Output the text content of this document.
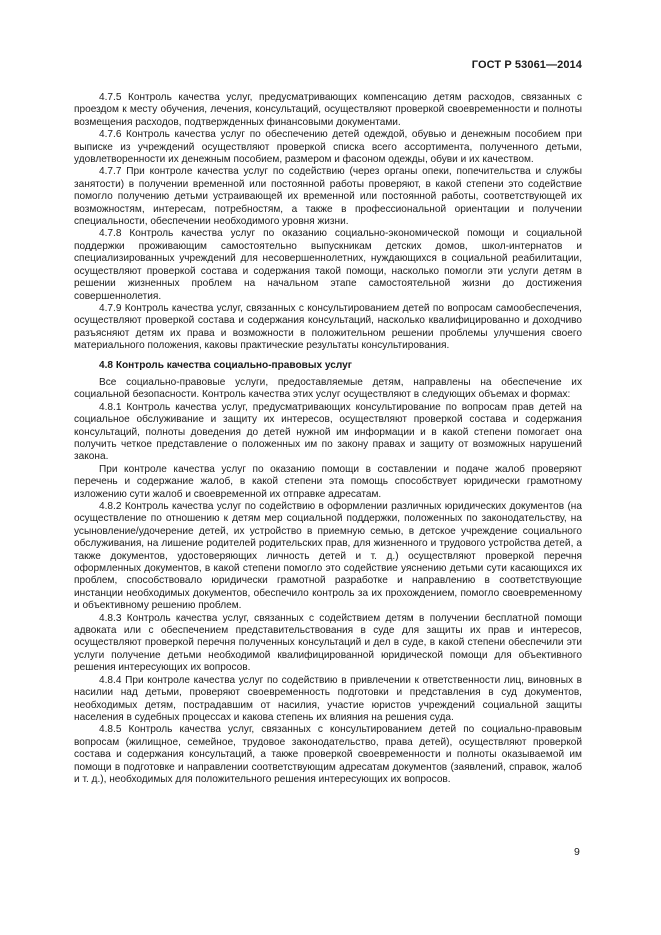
ГОСТ Р 53061—2014

4.7.5 Контроль качества услуг, предусматривающих компенсацию детям расходов, связанных с проездом к месту обучения, лечения, консультаций, осуществляют проверкой своевременности и полноты возмещения расходов, подтвержденных финансовыми документами.

4.7.6 Контроль качества услуг по обеспечению детей одеждой, обувью и денежным пособием при выписке из учреждений осуществляют проверкой списка всего ассортимента, полученного детьми, удовлетворенности их денежным пособием, размером и фасоном одежды, обуви и их качеством.

4.7.7 При контроле качества услуг по содействию (через органы опеки, попечительства и службы занятости) в получении временной или постоянной работы проверяют, в какой степени это содействие помогло получению детьми устраивающей их временной или постоянной работы, соответствующей их возможностям, интересам, потребностям, а также в профессиональной ориентации и получении специальности, обеспечении необходимого уровня жизни.

4.7.8 Контроль качества услуг по оказанию социально-экономической помощи и социальной поддержки проживающим самостоятельно выпускникам детских домов, школ-интернатов и специализированных учреждений для несовершеннолетних, нуждающихся в социальной реабилитации, осуществляют проверкой состава и содержания такой помощи, насколько помогли эти услуги детям в решении жизненных проблем на начальном этапе самостоятельной жизни до достижения совершеннолетия.

4.7.9 Контроль качества услуг, связанных с консультированием детей по вопросам самообеспечения, осуществляют проверкой состава и содержания консультаций, насколько квалифицированно и доходчиво разъясняют детям их права и возможности в положительном решении проблемы улучшения своего материального положения, каковы практические результаты консультирования.

4.8 Контроль качества социально-правовых услуг

Все социально-правовые услуги, предоставляемые детям, направлены на обеспечение их социальной безопасности. Контроль качества этих услуг осуществляют в следующих объемах и формах:

4.8.1 Контроль качества услуг, предусматривающих консультирование по вопросам прав детей на социальное обслуживание и защиту их интересов, осуществляют проверкой состава и содержания консультаций, полноты доведения до детей нужной им информации и в какой степени помогает она получить четкое представление о положенных им по закону правах и защиту от возможных нарушений закона.

При контроле качества услуг по оказанию помощи в составлении и подаче жалоб проверяют перечень и содержание жалоб, в какой степени эта помощь способствует юридически грамотному изложению сути жалоб и своевременной их отправке адресатам.

4.8.2 Контроль качества услуг по содействию в оформлении различных юридических документов (на осуществление по отношению к детям мер социальной поддержки, положенных по законодательству, на усыновление/удочерение детей, их устройство в приемную семью, в детское учреждение социального обслуживания, на лишение родителей родительских прав, для жизненного и трудового устройства детей, а также документов, удостоверяющих личность детей и т. д.) осуществляют проверкой перечня оформленных документов, в какой степени помогло это содействие уяснению детьми сути касающихся их проблем, способствовало юридически грамотной разработке и направлению в соответствующие инстанции необходимых документов, обеспечило контроль за их прохождением, помогло своевременному и объективному решению проблем.

4.8.3 Контроль качества услуг, связанных с содействием детям в получении бесплатной помощи адвоката или с обеспечением представительствования в суде для защиты их прав и интересов, осуществляют проверкой перечня полученных консультаций и дел в суде, в какой степени обеспечили эти услуги получение детьми необходимой квалифицированной юридической помощи для объективного решения интересующих их вопросов.

4.8.4 При контроле качества услуг по содействию в привлечении к ответственности лиц, виновных в насилии над детьми, проверяют своевременность подготовки и представления в суд документов, необходимых детям, пострадавшим от насилия, участие юристов учреждений социальной защиты населения в судебных процессах и какова степень их влияния на решения суда.

4.8.5 Контроль качества услуг, связанных с консультированием детей по социально-правовым вопросам (жилищное, семейное, трудовое законодательство, права детей), осуществляют проверкой состава и содержания консультаций, а также проверкой своевременности и полноты оказываемой им помощи в подготовке и направлении соответствующим адресатам документов (заявлений, справок, жалоб и т. д.), необходимых для положительного решения интересующих их вопросов.

9
